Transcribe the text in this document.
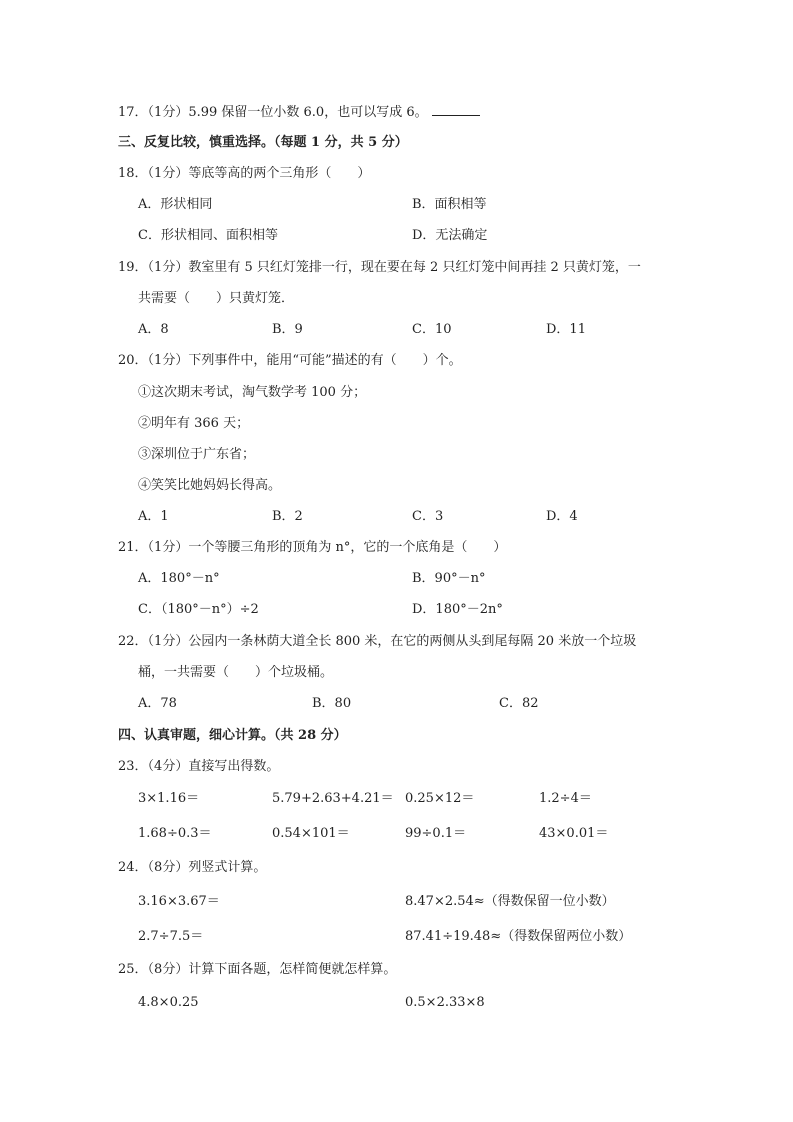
17．（1分）5.99 保留一位小数 6.0，也可以写成 6。
三、反复比较，慎重选择。（每题 1 分，共 5 分）
18．（1分）等底等高的两个三角形（　　）
A．形状相同	B．面积相等
C．形状相同、面积相等	D．无法确定
19．（1分）教室里有 5 只红灯笼排一行，现在要在每 2 只红灯笼中间再挂 2 只黄灯笼，一
共需要（　　）只黄灯笼．
A．8	B．9	C．10	D．11
20．（1分）下列事件中，能用“可能”描述的有（　　）个。
①这次期末考试，淘气数学考 100 分；
②明年有 366 天；
③深圳位于广东省；
④笑笑比她妈妈长得高。
A．1	B．2	C．3	D．4
21．（1分）一个等腰三角形的顶角为 n°，它的一个底角是（　　）
A．180°－n°	B．90°－n°
C．（180°－n°）÷2	D．180°－2n°
22．（1分）公园内一条林荫大道全长 800 米，在它的两侧从头到尾每隔 20 米放一个垃圾
桶，一共需要（　　）个垃圾桶。
A．78	B．80	C．82
四、认真审题，细心计算。（共 28 分）
23．（4分）直接写出得数。
3×1.16＝	5.79+2.63+4.21＝ 0.25×12＝	1.2÷4＝
1.68÷0.3＝	0.54×101＝	99÷0.1＝	43×0.01＝
24．（8分）列竖式计算。
3.16×3.67＝	8.47×2.54≈（得数保留一位小数）
2.7÷7.5＝	87.41÷19.48≈（得数保留两位小数）
25．（8分）计算下面各题，怎样简便就怎样算。
4.8×0.25	0.5×2.33×8
